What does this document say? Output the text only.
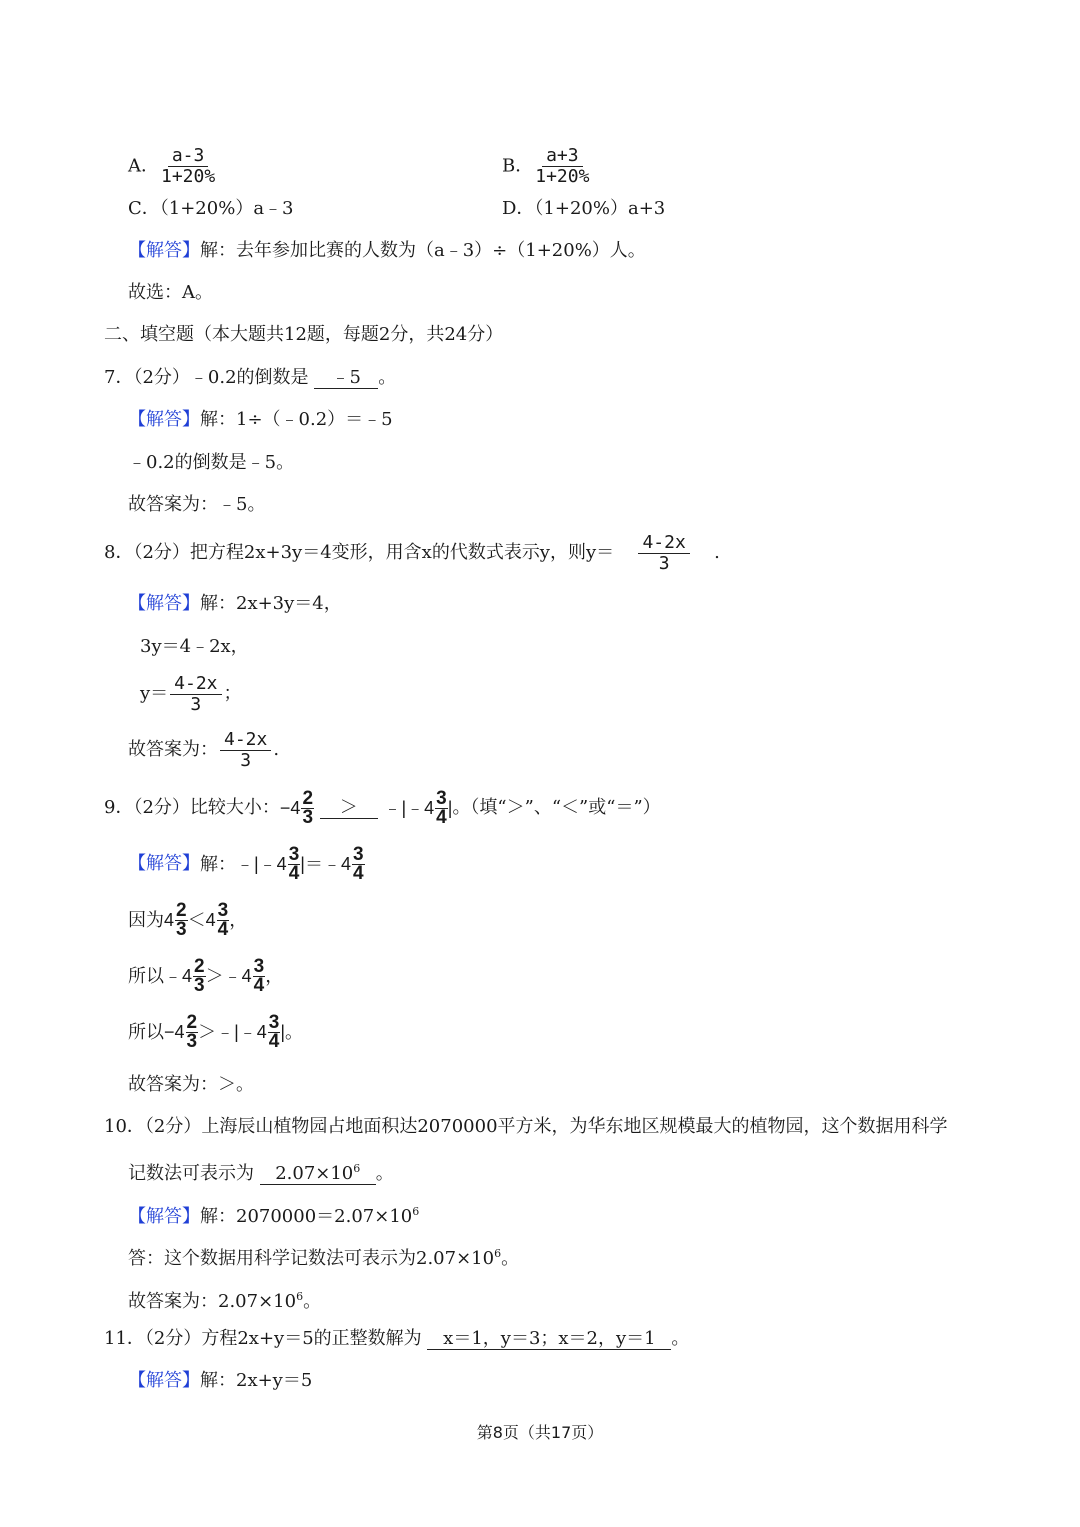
A． $\frac{a-3}{1+20\%}$	B． $\frac{a+3}{1+20\%}$
C．（1+20%）a﹣3	D．（1+20%）a+3
【解答】解：去年参加比赛的人数为（a﹣3）÷（1+20%）人。
故选：A。
二、填空题（本大题共12题，每题2分，共24分）
7．（2分）﹣0.2的倒数是 ﹣5 。
【解答】解：1÷（﹣0.2）＝﹣5
﹣0.2的倒数是﹣5。
故答案为：﹣5。
8．（2分）把方程2x+3y＝4变形，用含x的代数式表示y，则$y= \frac{4-2x}{3}$ .
【解答】解：2x+3y＝4，
3y＝4﹣2x，
$y= \frac{4-2x}{3}$ ；
故答案为： $\frac{4-2x}{3}$ .
9．（2分）比较大小： −4 2
3 ＞ ﹣|﹣4 3
4 | 。（填“＞”、“＜”或“＝”）
【解答】 解：﹣|﹣4 3
4 |＝﹣4 3
4
因为4 2
3 ＜4 3
4 ，
所以﹣4 2
3 ＞﹣4 3
4 ，
所以−4 2
3 ＞﹣|﹣4 3
4 |。
故答案为：＞。
10．（2分）上海辰山植物园占地面积达2070000平方米，为华东地区规模最大的植物园，这个数据用科学
记数法可表示为 $2.07\times 10^6$ 。
【解答】解：$2070000=2.07\times 10^6$
答：这个数据用科学记数法可表示为$2.07\times 10^6$。
故答案为：$2.07\times 10^6$。
11．（2分）方程2x+y＝5的正整数解为 x＝1，y＝3；x＝2，y＝1 。
【解答】解：2x+y＝5
第8页（共17页）
